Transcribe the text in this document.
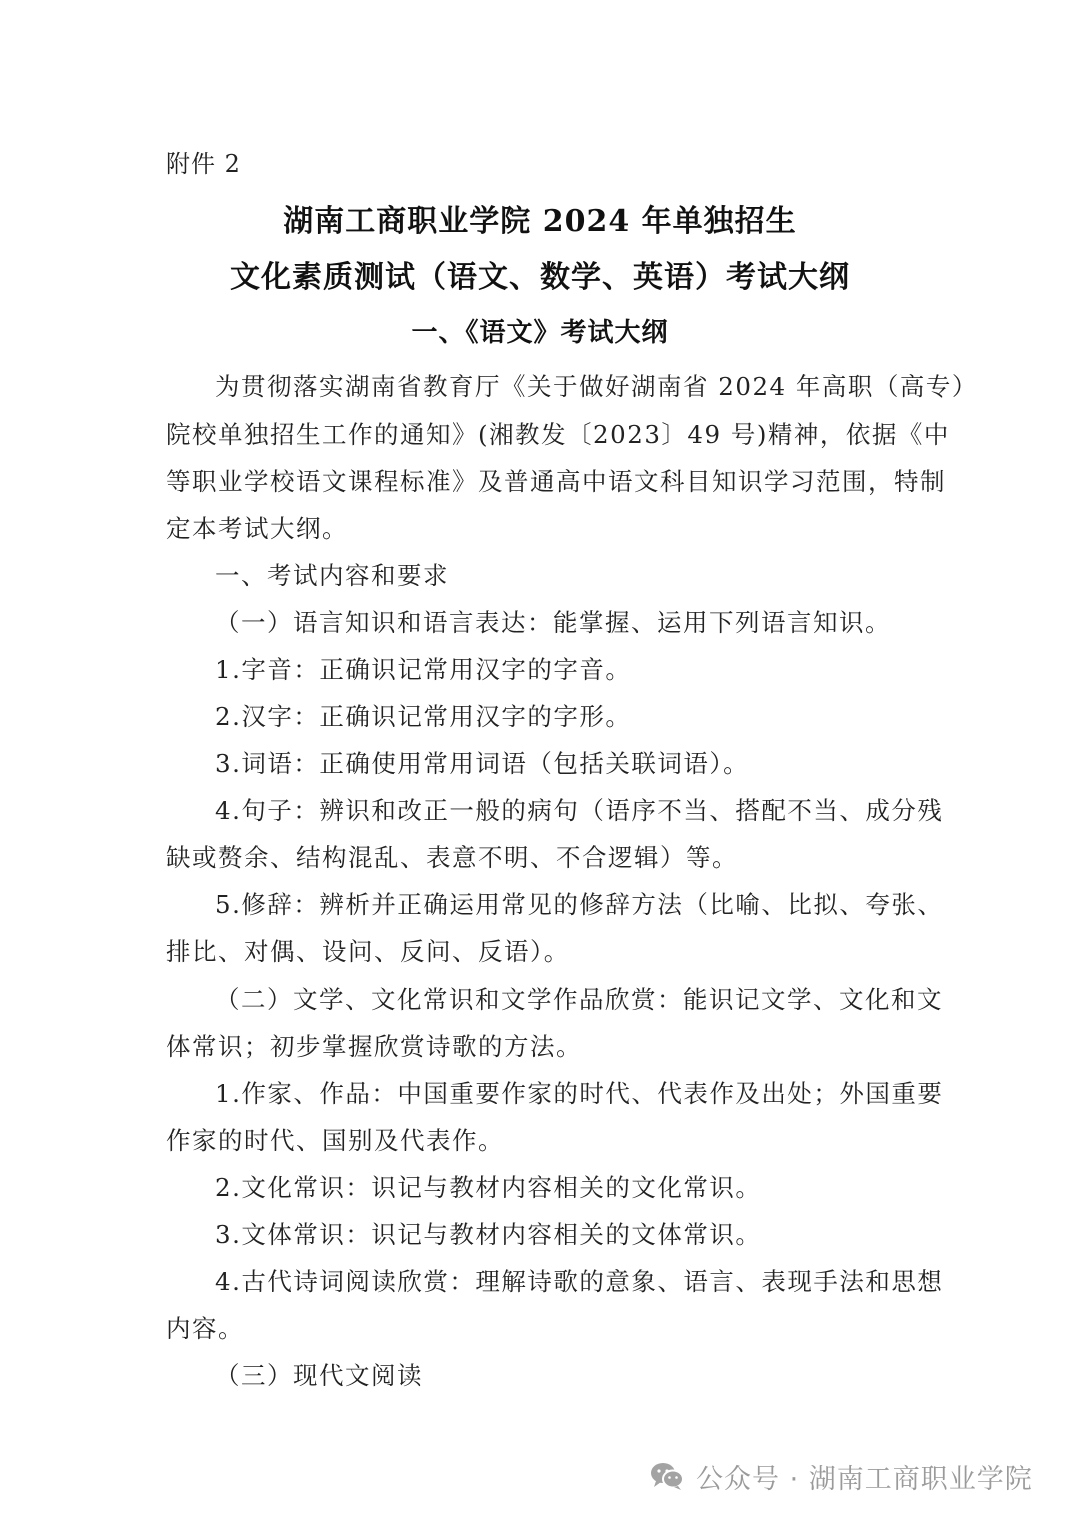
附件 2
湖南工商职业学院 2024 年单独招生
文化素质测试（语文、数学、英语）考试大纲
一、《语文》考试大纲
为贯彻落实湖南省教育厅《关于做好湖南省 2024 年高职（高专）
院校单独招生工作的通知》(湘教发〔2023〕49 号)精神，依据《中
等职业学校语文课程标准》及普通高中语文科目知识学习范围，特制
定本考试大纲。
一、考试内容和要求
（一）语言知识和语言表达：能掌握、运用下列语言知识。
1.字音：正确识记常用汉字的字音。
2.汉字：正确识记常用汉字的字形。
3.词语：正确使用常用词语（包括关联词语）。
4.句子：辨识和改正一般的病句（语序不当、搭配不当、成分残
缺或赘余、结构混乱、表意不明、不合逻辑）等。
5.修辞：辨析并正确运用常见的修辞方法（比喻、比拟、夸张、
排比、对偶、设问、反问、反语）。
（二）文学、文化常识和文学作品欣赏：能识记文学、文化和文
体常识；初步掌握欣赏诗歌的方法。
1.作家、作品：中国重要作家的时代、代表作及出处；外国重要
作家的时代、国别及代表作。
2.文化常识：识记与教材内容相关的文化常识。
3.文体常识：识记与教材内容相关的文体常识。
4.古代诗词阅读欣赏：理解诗歌的意象、语言、表现手法和思想
内容。
（三）现代文阅读
公众号 · 湖南工商职业学院
